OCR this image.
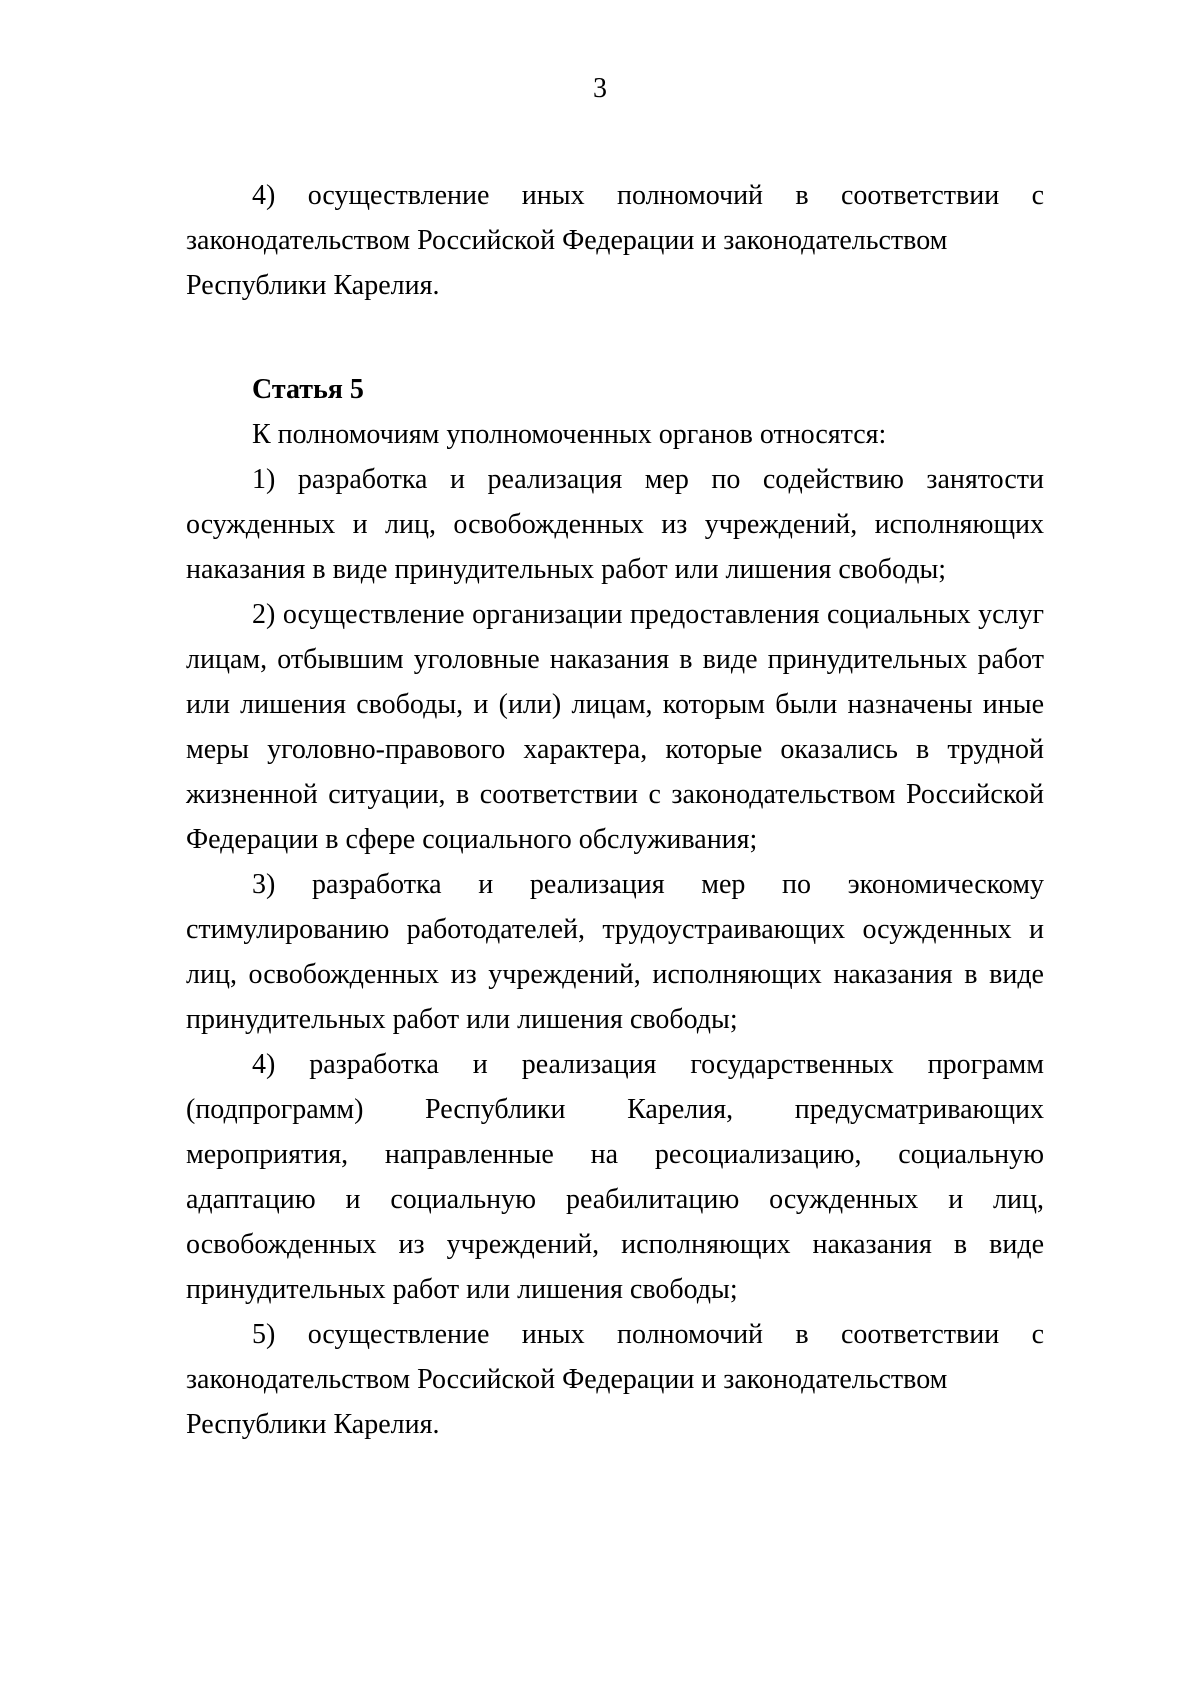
3

4) осуществление иных полномочий в соответствии с

законодательством Российской Федерации и законодательством Республики Карелия.

Статья 5

К полномочиям уполномоченных органов относятся:

1) разработка и реализация мер по содействию занятости осужденных и лиц, освобожденных из учреждений, исполняющих наказания в виде принудительных работ или лишения свободы;

2) осуществление организации предоставления социальных услуг лицам, отбывшим уголовные наказания в виде принудительных работ или лишения свободы, и (или) лицам, которым были назначены иные меры уголовно-правового характера, которые оказались в трудной жизненной ситуации, в соответствии с законодательством Российской Федерации в сфере социального обслуживания;

3) разработка и реализация мер по экономическому стимулированию работодателей, трудоустраивающих осужденных и лиц, освобожденных из учреждений, исполняющих наказания в виде принудительных работ или лишения свободы;

4) разработка и реализация государственных программ (подпрограмм) Республики Карелия, предусматривающих мероприятия, направленные на ресоциализацию, социальную адаптацию и социальную реабилитацию осужденных и лиц, освобожденных из учреждений, исполняющих наказания в виде принудительных работ или лишения свободы;

5) осуществление иных полномочий в соответствии с

законодательством Российской Федерации и законодательством Республики Карелия.
